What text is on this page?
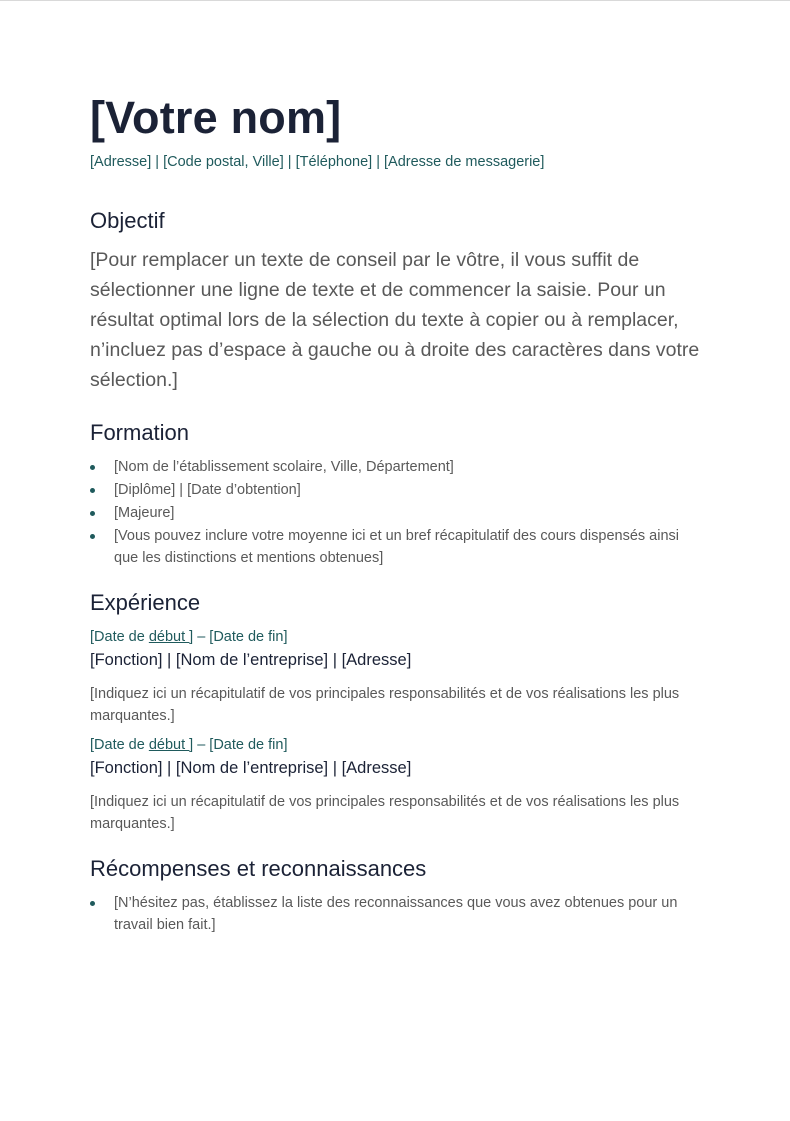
[Votre nom]
[Adresse] | [Code postal, Ville] | [Téléphone] | [Adresse de messagerie]
Objectif
[Pour remplacer un texte de conseil par le vôtre, il vous suffit de sélectionner une ligne de texte et de commencer la saisie. Pour un résultat optimal lors de la sélection du texte à copier ou à remplacer, n’incluez pas d’espace à gauche ou à droite des caractères dans votre sélection.]
Formation
[Nom de l’établissement scolaire, Ville, Département]
[Diplôme] | [Date d’obtention]
[Majeure]
[Vous pouvez inclure votre moyenne ici et un bref récapitulatif des cours dispensés ainsi que les distinctions et mentions obtenues]
Expérience
[Date de début ] – [Date de fin]
[Fonction] | [Nom de l’entreprise] | [Adresse]
[Indiquez ici un récapitulatif de vos principales responsabilités et de vos réalisations les plus marquantes.]
[Date de début ] – [Date de fin]
[Fonction] | [Nom de l’entreprise] | [Adresse]
[Indiquez ici un récapitulatif de vos principales responsabilités et de vos réalisations les plus marquantes.]
Récompenses et reconnaissances
[N’hésitez pas, établissez la liste des reconnaissances que vous avez obtenues pour un travail bien fait.]
